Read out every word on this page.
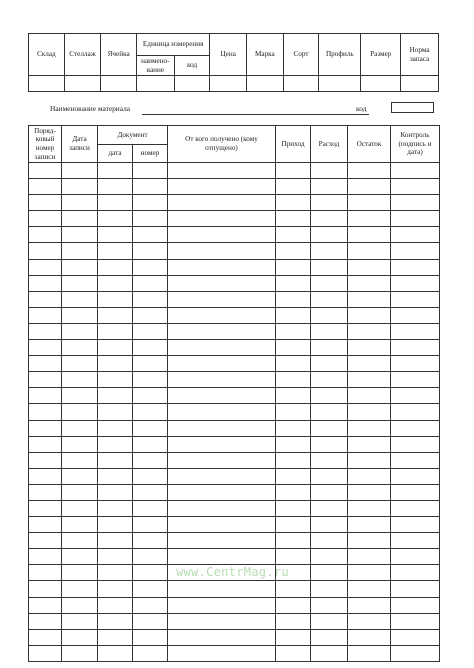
Склад	Стеллаж	Ячейка	Единица измерения		Цена	Марка	Сорт	Профиль	Размер	Норма запаса
			наимено- вание	код						

Наименование материала	код
Поряд- ковый номер записи	Дата записи	Документ		От кого получено (кому отпущено)	Приход	Расход	Остаток	Контроль (подпись и дата)
		дата	номер					

www.CentrMag.ru
